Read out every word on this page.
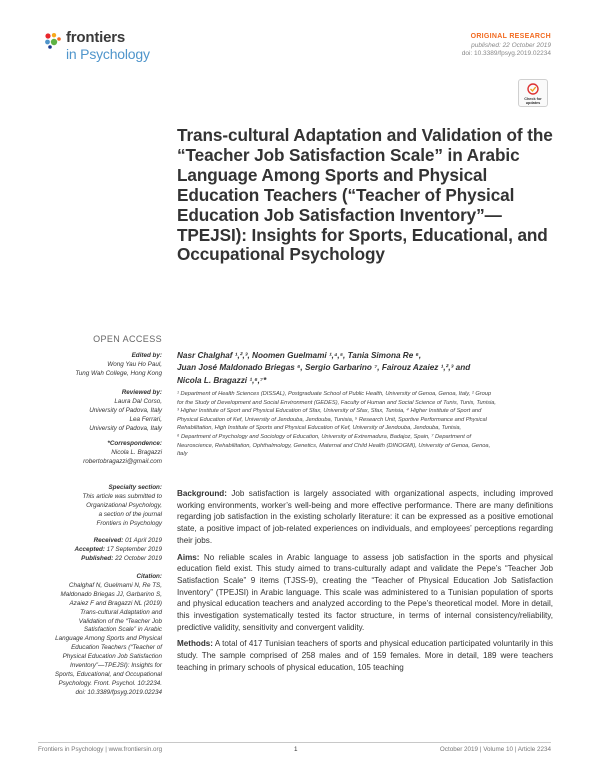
frontiers
in Psychology
ORIGINAL RESEARCH
published: 22 October 2019
doi: 10.3389/fpsyg.2019.02234
Check for updates
Trans-cultural Adaptation and Validation of the “Teacher Job Satisfaction Scale” in Arabic Language Among Sports and Physical Education Teachers (“Teacher of Physical Education Job Satisfaction Inventory”—TPEJSI): Insights for Sports, Educational, and Occupational Psychology
OPEN ACCESS
Edited by:
Wong Yau Ho Paul,
Tung Wah College, Hong Kong
Reviewed by:
Laura Dal Corso,
University of Padova, Italy
Lea Ferrari,
University of Padova, Italy
*Correspondence:
Nicola L. Bragazzi
robertobragazzi@gmail.com
Specialty section:
This article was submitted to
Organizational Psychology,
a section of the journal
Frontiers in Psychology
Received: 01 April 2019
Accepted: 17 September 2019
Published: 22 October 2019
Citation:
Chalghaf N, Guelmami N, Re TS,
Maldonado Briegas JJ, Garbarino S,
Azaiez F and Bragazzi NL (2019)
Trans-cultural Adaptation and
Validation of the “Teacher Job
Satisfaction Scale” in Arabic
Language Among Sports and Physical
Education Teachers (“Teacher of
Physical Education Job Satisfaction
Inventory”—TPEJSI): Insights for
Sports, Educational, and Occupational
Psychology. Front. Psychol. 10:2234.
doi: 10.3389/fpsyg.2019.02234
Nasr Chalghaf ¹,²,³, Noomen Guelmami ¹,⁴,⁵, Tania Simona Re ⁶,
Juan José Maldonado Briegas ⁶, Sergio Garbarino ⁷, Fairouz Azaiez ¹,²,³ and
Nicola L. Bragazzi ¹,⁶,⁷*
¹ Department of Health Sciences (DISSAL), Postgraduate School of Public Health, University of Genoa, Genoa, Italy, ² Group
for the Study of Development and Social Environment (GEDES), Faculty of Human and Social Science of Tunis, Tunis, Tunisia,
³ Higher Institute of Sport and Physical Education of Sfax, University of Sfax, Sfax, Tunisia, ⁴ Higher Institute of Sport and
Physical Education of Kef, University of Jendouba, Jendouba, Tunisia, ⁵ Research Unit, Sportive Performance and Physical
Rehabilitation, High Institute of Sports and Physical Education of Kef, University of Jendouba, Jendouba, Tunisia,
⁶ Department of Psychology and Sociology of Education, University of Extremadura, Badajoz, Spain, ⁷ Department of
Neuroscience, Rehabilitation, Ophthalmology, Genetics, Maternal and Child Health (DINOGMI), University of Genoa, Genoa,
Italy

Background: Job satisfaction is largely associated with organizational aspects, including improved working environments, worker’s well-being and more effective performance. There are many definitions regarding job satisfaction in the existing scholarly literature: it can be expressed as a positive emotional state, a positive impact of job-related experiences on individuals, and employees’ perceptions regarding their jobs.

Aims: No reliable scales in Arabic language to assess job satisfaction in the sports and physical education field exist. This study aimed to trans-culturally adapt and validate the Pepe’s “Teacher Job Satisfaction Scale” 9 items (TJSS-9), creating the “Teacher of Physical Education Job Satisfaction Inventory” (TPEJSI) in Arabic language. This scale was administered to a Tunisian population of sports and physical education teachers and analyzed according to the Pepe’s theoretical model. More in detail, this investigation systematically tested its factor structure, in terms of internal consistency/reliability, predictive validity, sensitivity and convergent validity.

Methods: A total of 417 Tunisian teachers of sports and physical education participated voluntarily in this study. The sample comprised of 258 males and of 159 females. More in detail, 189 were teachers teaching in primary schools of physical education, 105 teaching

Frontiers in Psychology | www.frontiersin.org	1	October 2019 | Volume 10 | Article 2234
